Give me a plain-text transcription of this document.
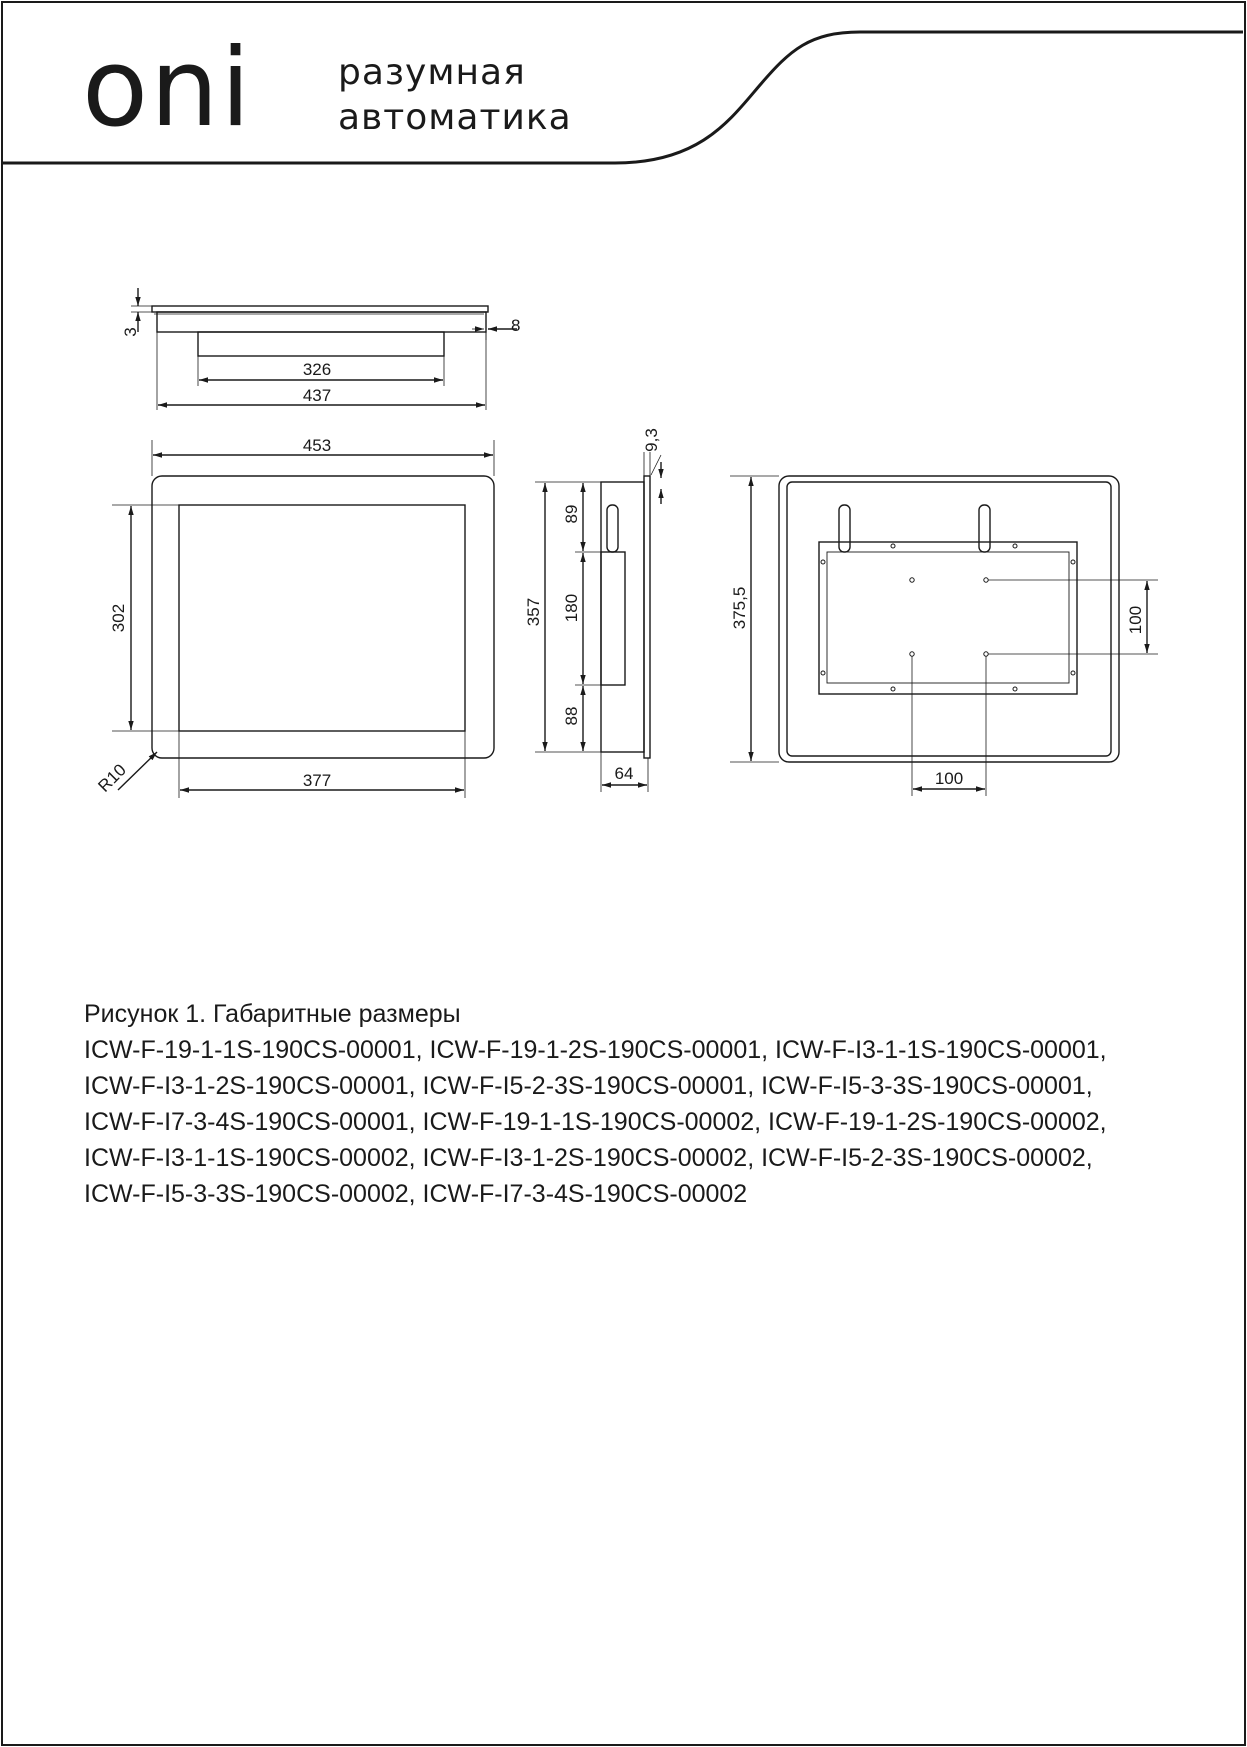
oni разумная
автоматика
3	8
326
437
453
302
377
R10
9,3
357
89
180
88
64
375,5	100
100
Рисунок 1. Габаритные размеры
ICW-F-19-1-1S-190CS-00001, ICW-F-19-1-2S-190CS-00001, ICW-F-I3-1-1S-190CS-00001,
ICW-F-I3-1-2S-190CS-00001, ICW-F-I5-2-3S-190CS-00001, ICW-F-I5-3-3S-190CS-00001,
ICW-F-I7-3-4S-190CS-00001, ICW-F-19-1-1S-190CS-00002, ICW-F-19-1-2S-190CS-00002,
ICW-F-I3-1-1S-190CS-00002, ICW-F-I3-1-2S-190CS-00002, ICW-F-I5-2-3S-190CS-00002,
ICW-F-I5-3-3S-190CS-00002, ICW-F-I7-3-4S-190CS-00002
